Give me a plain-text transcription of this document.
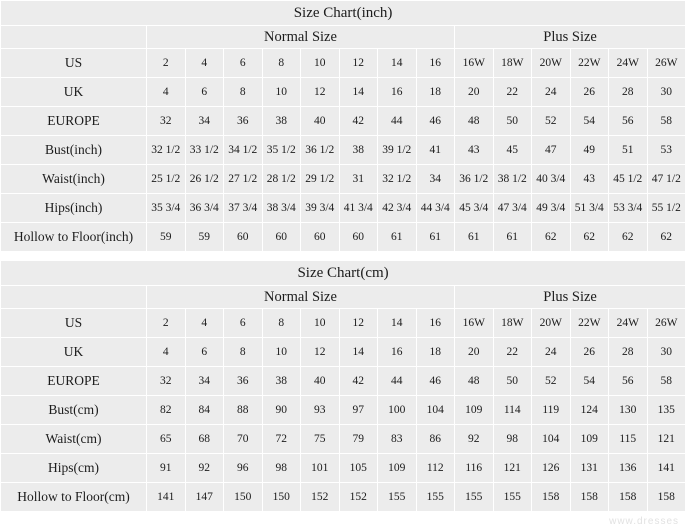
Size Chart(inch)														
	Normal Size								Plus Size					
US	2	4	6	8	10	12	14	16	16W	18W	20W	22W	24W	26W
UK	4	6	8	10	12	14	16	18	20	22	24	26	28	30
EUROPE	32	34	36	38	40	42	44	46	48	50	52	54	56	58
Bust(inch)	32 1/2	33 1/2	34 1/2	35 1/2	36 1/2	38	39 1/2	41	43	45	47	49	51	53
Waist(inch)	25 1/2	26 1/2	27 1/2	28 1/2	29 1/2	31	32 1/2	34	36 1/2	38 1/2	40 3/4	43	45 1/2	47 1/2
Hips(inch)	35 3/4	36 3/4	37 3/4	38 3/4	39 3/4	41 3/4	42 3/4	44 3/4	45 3/4	47 3/4	49 3/4	51 3/4	53 3/4	55 1/2
Hollow to Floor(inch)	59	59	60	60	60	60	61	61	61	61	62	62	62	62
Size Chart(cm)														
	Normal Size								Plus Size					
US	2	4	6	8	10	12	14	16	16W	18W	20W	22W	24W	26W
UK	4	6	8	10	12	14	16	18	20	22	24	26	28	30
EUROPE	32	34	36	38	40	42	44	46	48	50	52	54	56	58
Bust(cm)	82	84	88	90	93	97	100	104	109	114	119	124	130	135
Waist(cm)	65	68	70	72	75	79	83	86	92	98	104	109	115	121
Hips(cm)	91	92	96	98	101	105	109	112	116	121	126	131	136	141
Hollow to Floor(cm)	141	147	150	150	152	152	155	155	155	155	158	158	158	158
www.dresses
